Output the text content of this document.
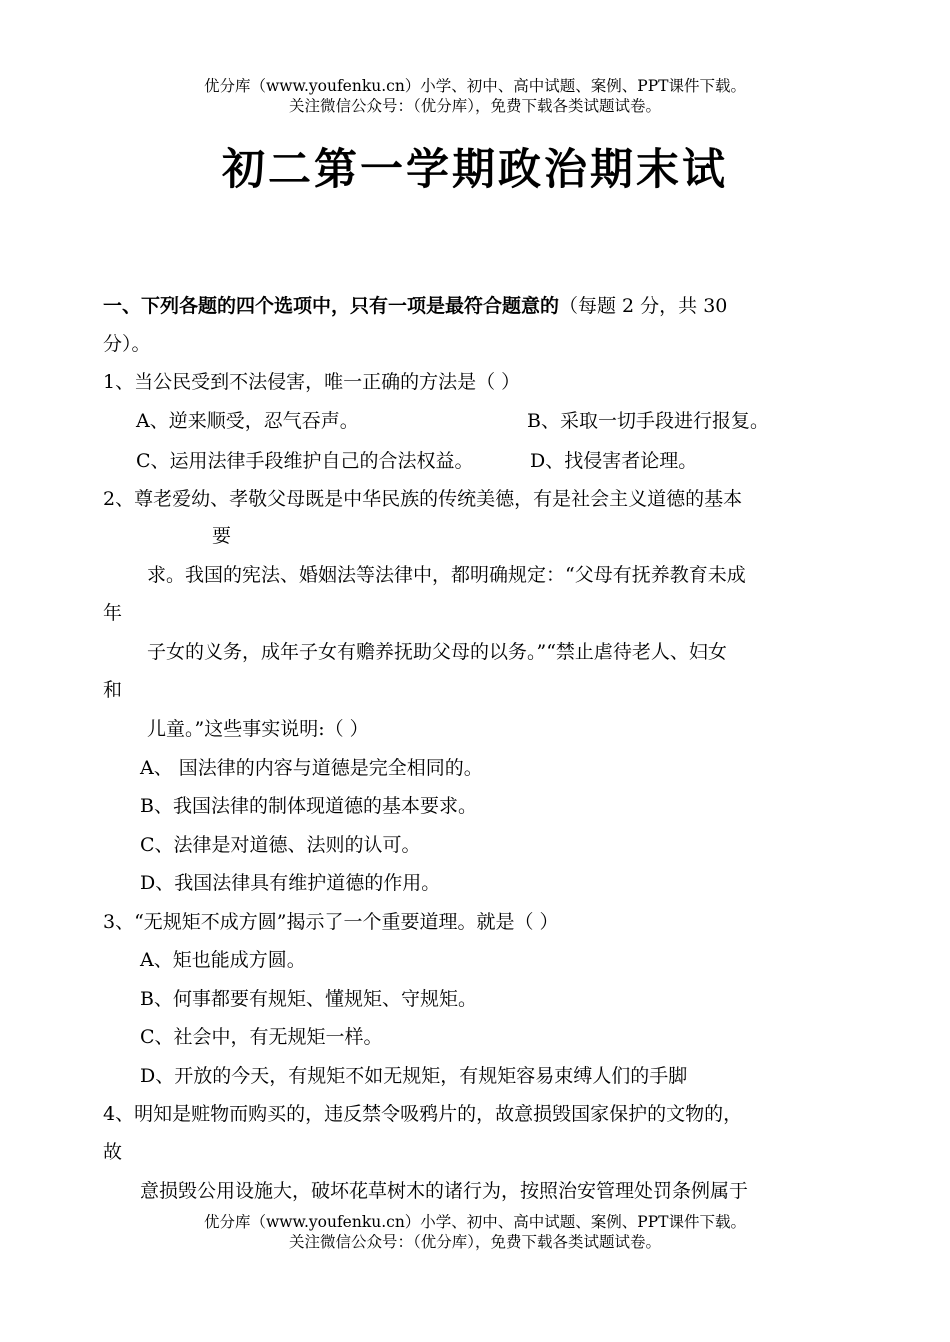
优分库（www.youfenku.cn）小学、初中、高中试题、案例、PPT课件下载。
关注微信公众号：（优分库），免费下载各类试题试卷。
初二第一学期政治期末试
一、下列各题的四个选项中，只有一项是最符合题意的（每题 2 分，共 30
分）。
1、当公民受到不法侵害，唯一正确的方法是（ ）
A、逆来顺受，忍气吞声。	B、采取一切手段进行报复。
C、运用法律手段维护自己的合法权益。	D、找侵害者论理。
2、尊老爱幼、孝敬父母既是中华民族的传统美德，有是社会主义道德的基本
要
求。我国的宪法、婚姻法等法律中，都明确规定：“父母有抚养教育未成
年
子女的义务，成年子女有赡养抚助父母的以务。”“禁止虐待老人、妇女
和
儿童。”这些事实说明:（ ）
A、 国法律的内容与道德是完全相同的。
B、我国法律的制体现道德的基本要求。
C、法律是对道德、法则的认可。
D、我国法律具有维护道德的作用。
3、“无规矩不成方圆”揭示了一个重要道理。就是（ ）
A、矩也能成方圆。
B、何事都要有规矩、懂规矩、守规矩。
C、社会中，有无规矩一样。
D、开放的今天，有规矩不如无规矩，有规矩容易束缚人们的手脚
4、明知是赃物而购买的，违反禁令吸鸦片的，故意损毁国家保护的文物的，
故
意损毁公用设施大，破坏花草树木的诸行为，按照治安管理处罚条例属于
优分库（www.youfenku.cn）小学、初中、高中试题、案例、PPT课件下载。
关注微信公众号：（优分库），免费下载各类试题试卷。
